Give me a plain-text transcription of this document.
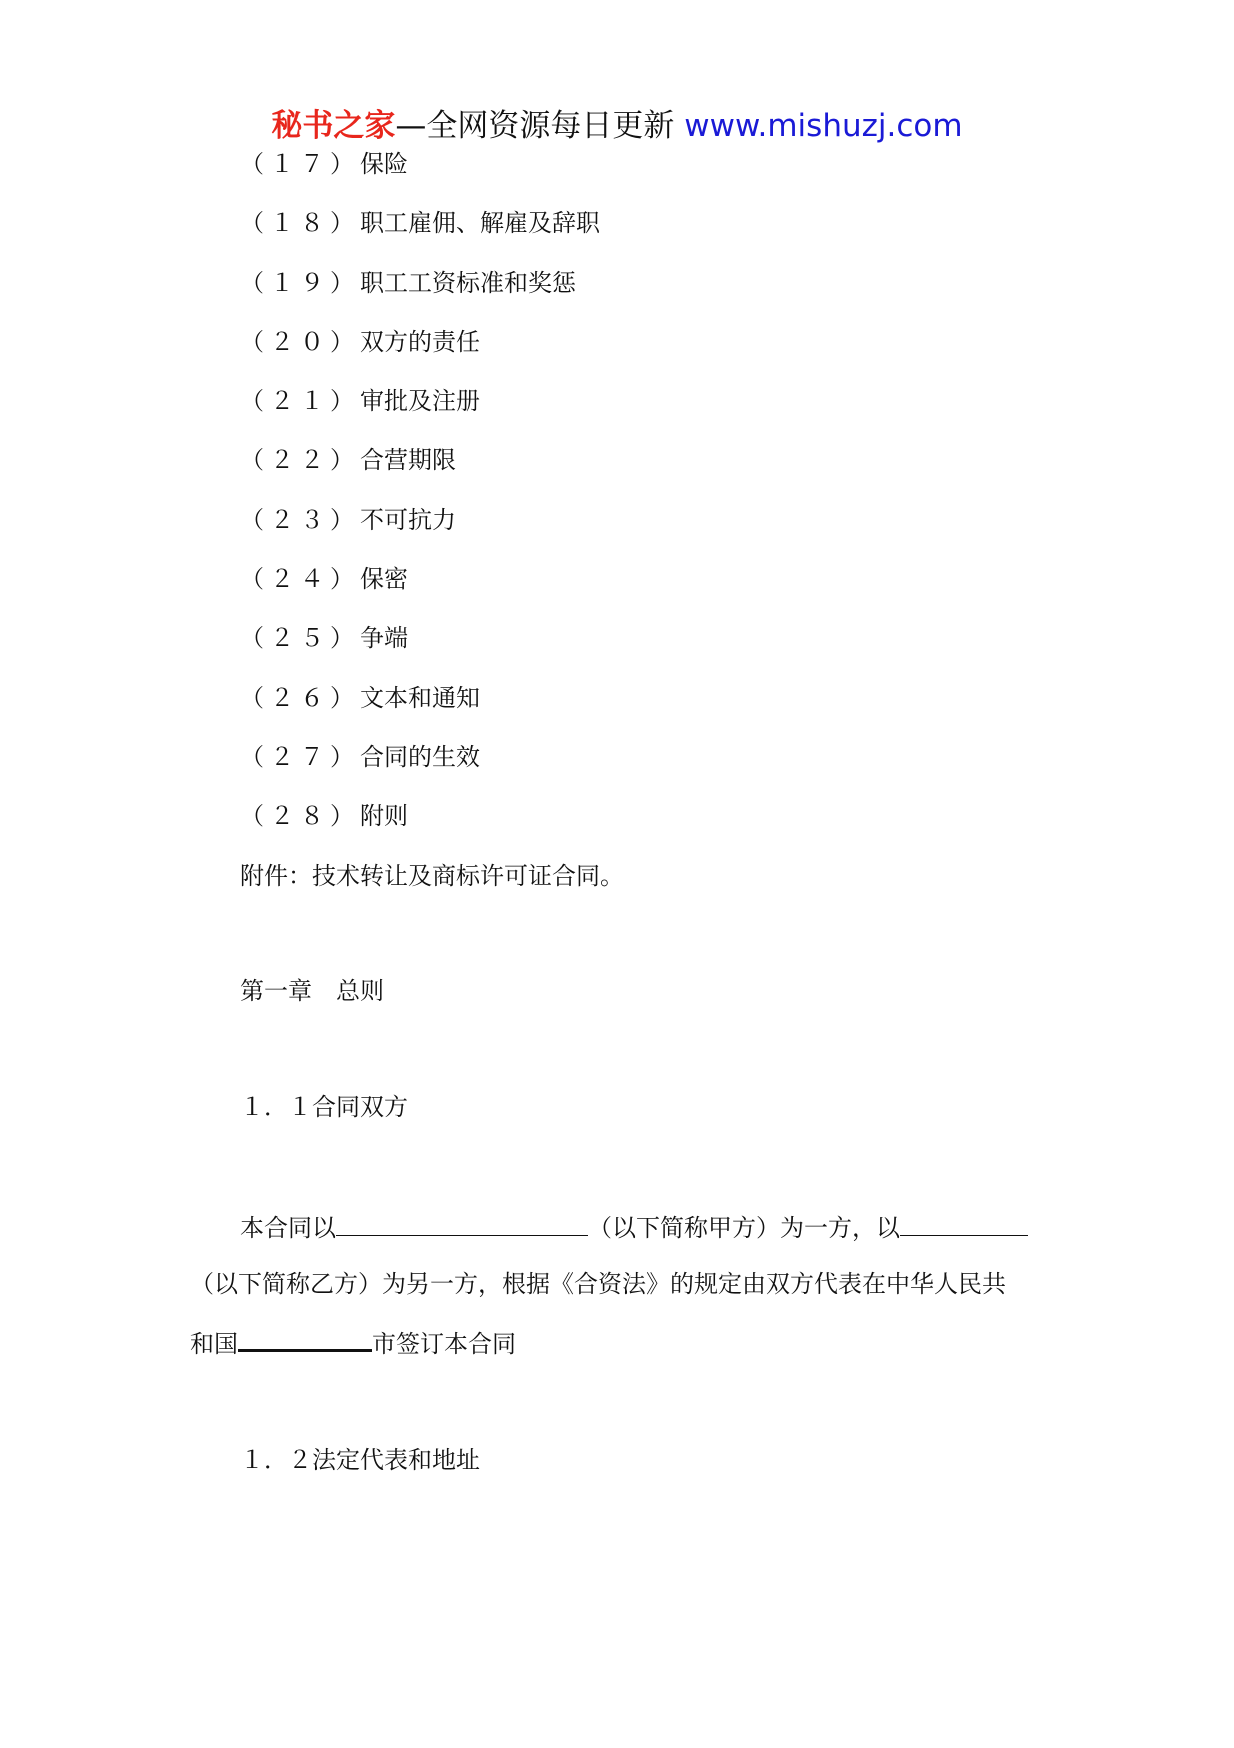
秘书之家—全网资源每日更新 www.mishuzj.com
（１７）保险
（１８）职工雇佣、解雇及辞职
（１９）职工工资标准和奖惩
（２０）双方的责任
（２１）审批及注册
（２２）合营期限
（２３）不可抗力
（２４）保密
（２５）争端
（２６）文本和通知
（２７）合同的生效
（２８）附则
附件：技术转让及商标许可证合同。
第一章　总则
１．１合同双方
本合同以	（以下简称甲方）为一方，以
（以下简称乙方）为另一方，根据《合资法》的规定由双方代表在中华人民共
和国	市签订本合同
１．２法定代表和地址
